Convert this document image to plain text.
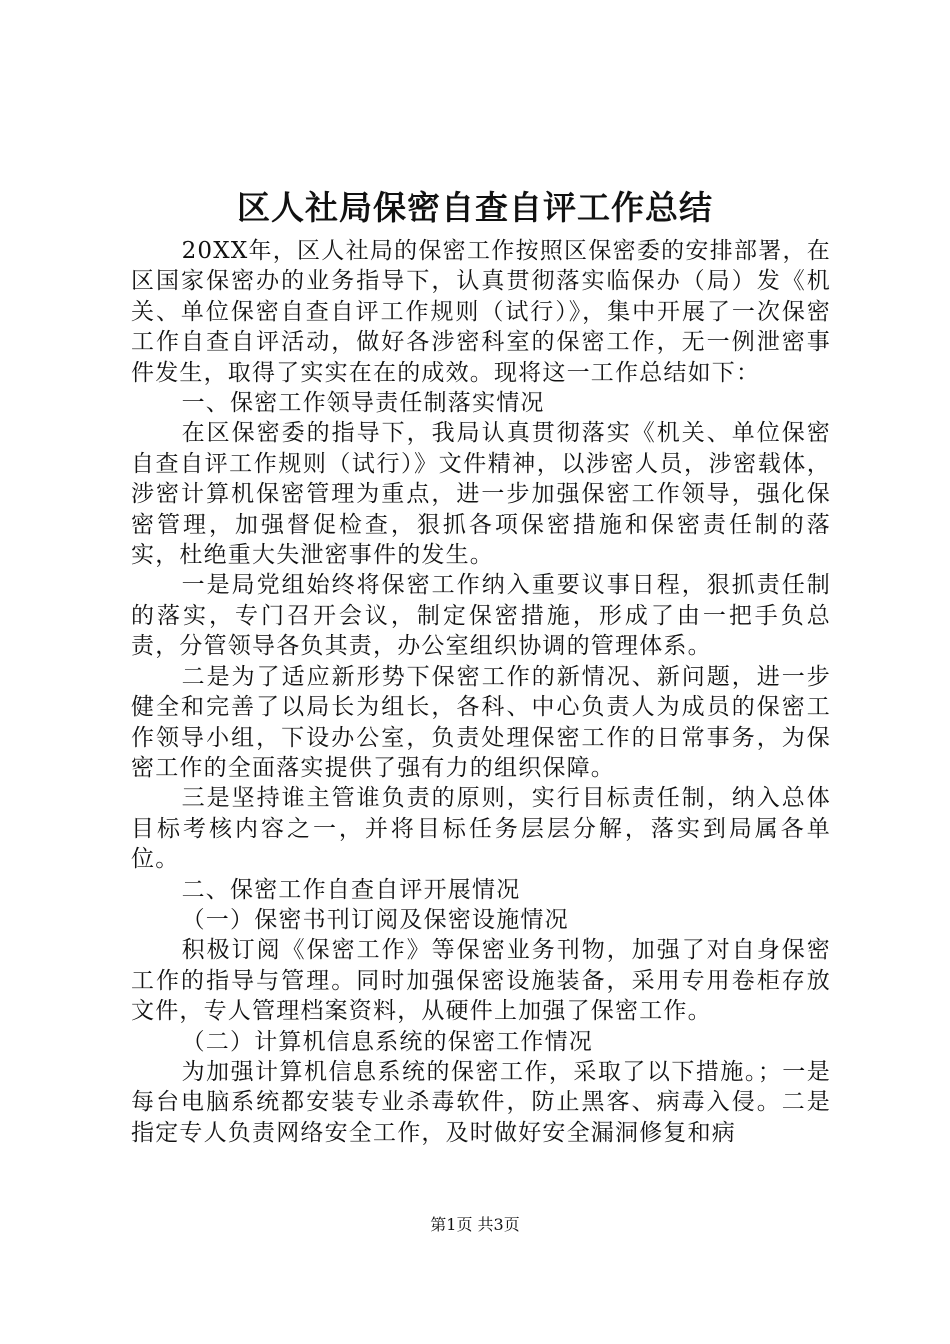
区人社局保密自查自评工作总结

20XX年，区人社局的保密工作按照区保密委的安排部署，在区国家保密办的业务指导下，认真贯彻落实临保办（局）发《机关、单位保密自查自评工作规则（试行）》，集中开展了一次保密工作自查自评活动，做好各涉密科室的保密工作，无一例泄密事件发生，取得了实实在在的成效。现将这一工作总结如下：

一、保密工作领导责任制落实情况

在区保密委的指导下，我局认真贯彻落实《机关、单位保密自查自评工作规则（试行）》文件精神，以涉密人员，涉密载体，涉密计算机保密管理为重点，进一步加强保密工作领导，强化保密管理，加强督促检查，狠抓各项保密措施和保密责任制的落实，杜绝重大失泄密事件的发生。

一是局党组始终将保密工作纳入重要议事日程，狠抓责任制的落实，专门召开会议，制定保密措施，形成了由一把手负总责，分管领导各负其责，办公室组织协调的管理体系。

二是为了适应新形势下保密工作的新情况、新问题，进一步健全和完善了以局长为组长，各科、中心负责人为成员的保密工作领导小组，下设办公室，负责处理保密工作的日常事务，为保密工作的全面落实提供了强有力的组织保障。

三是坚持谁主管谁负责的原则，实行目标责任制，纳入总体目标考核内容之一，并将目标任务层层分解，落实到局属各单位。

二、保密工作自查自评开展情况

（一）保密书刊订阅及保密设施情况

积极订阅《保密工作》等保密业务刊物，加强了对自身保密工作的指导与管理。同时加强保密设施装备，采用专用卷柜存放文件，专人管理档案资料，从硬件上加强了保密工作。

（二）计算机信息系统的保密工作情况

为加强计算机信息系统的保密工作，采取了以下措施。；一是每台电脑系统都安装专业杀毒软件，防止黑客、病毒入侵。二是指定专人负责网络安全工作，及时做好安全漏洞修复和病

第1页 共3页
